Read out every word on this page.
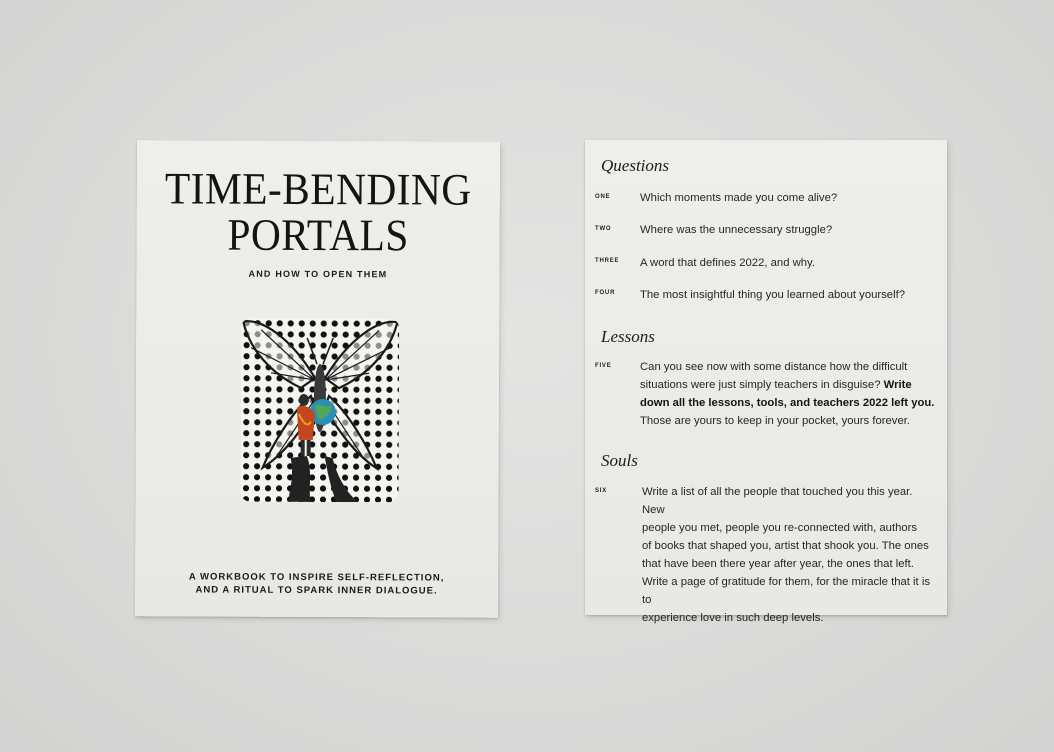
TIME-BENDING
PORTALS
AND HOW TO OPEN THEM
A WORKBOOK TO INSPIRE SELF-REFLECTION,
AND A RITUAL TO SPARK INNER DIALOGUE.
Questions
ONE	Which moments made you come alive?
TWO	Where was the unnecessary struggle?
THREE	A word that defines 2022, and why.
FOUR	The most insightful thing you learned about yourself?
Lessons
FIVE	Can you see now with some distance how the difficult
situations were just simply teachers in disguise? Write
down all the lessons, tools, and teachers 2022 left you.
Those are yours to keep in your pocket, yours forever.
Souls
SIX	Write a list of all the people that touched you this year. New
people you met, people you re-connected with, authors
of books that shaped you, artist that shook you. The ones
that have been there year after year, the ones that left.
Write a page of gratitude for them, for the miracle that it is to
experience love in such deep levels.
